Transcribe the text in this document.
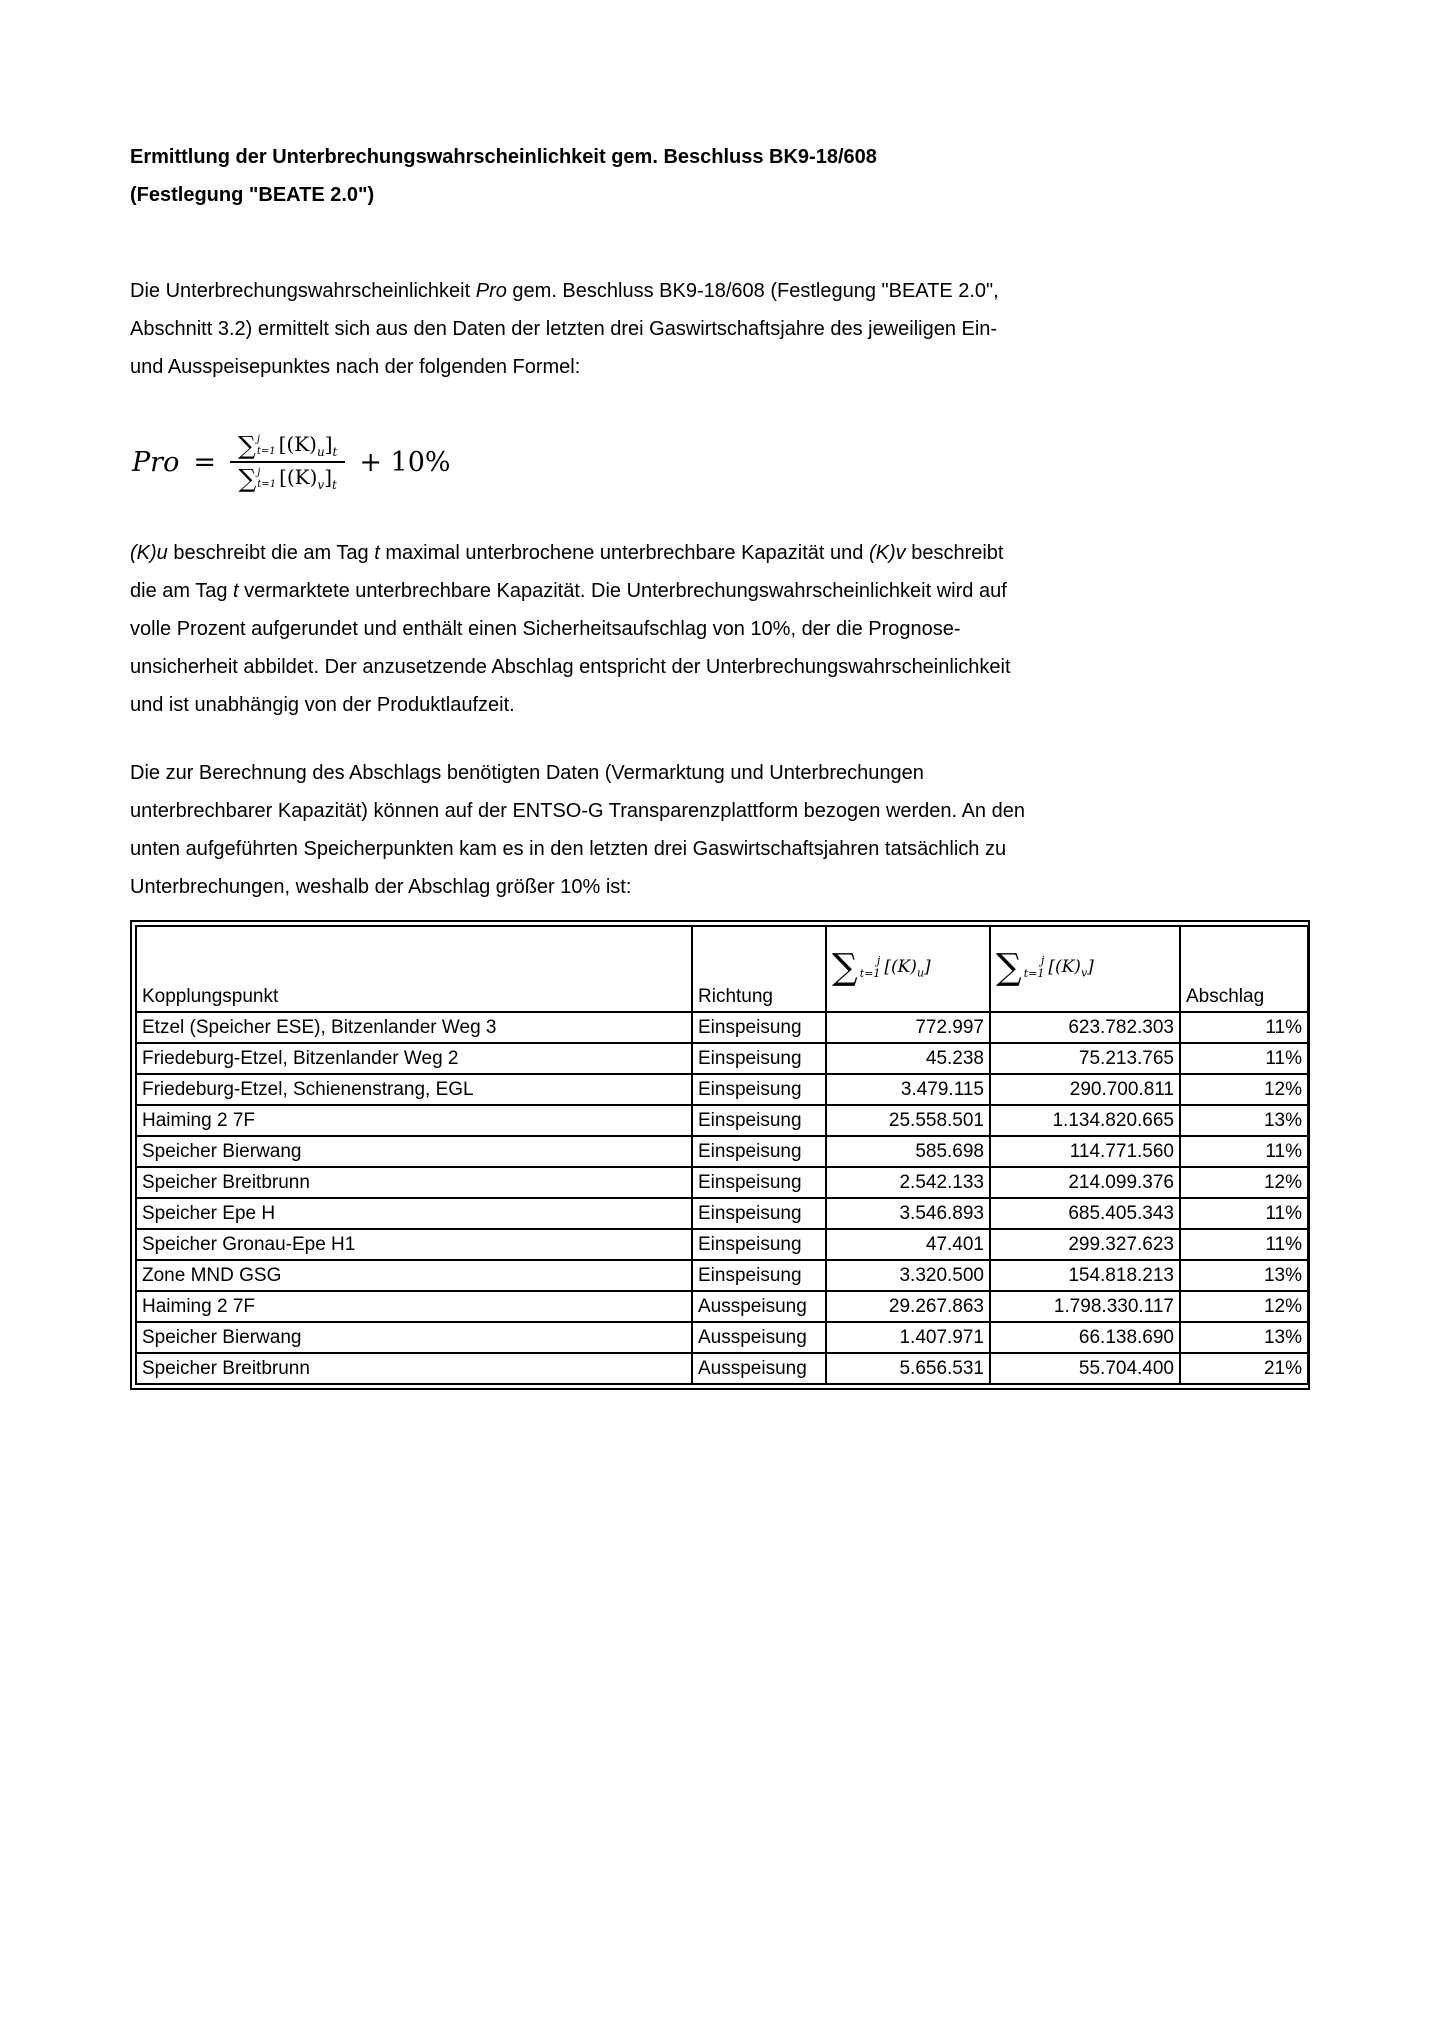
Ermittlung der Unterbrechungswahrscheinlichkeit gem. Beschluss BK9-18/608
(Festlegung "BEATE 2.0")

Die Unterbrechungswahrscheinlichkeit Pro gem. Beschluss BK9-18/608 (Festlegung "BEATE 2.0",
Abschnitt 3.2) ermittelt sich aus den Daten der letzten drei Gaswirtschaftsjahre des jeweiligen Ein-
und Ausspeisepunktes nach der folgenden Formel:

Pro = ∑ j
t=1 $[(K)_u]_t$
∑ j
t=1 $[(K)_v]_t + 10\%$

(K)u beschreibt die am Tag t maximal unterbrochene unterbrechbare Kapazität und (K)v beschreibt
die am Tag t vermarktete unterbrechbare Kapazität. Die Unterbrechungswahrscheinlichkeit wird auf
volle Prozent aufgerundet und enthält einen Sicherheitsaufschlag von 10%, der die Prognose-
unsicherheit abbildet. Der anzusetzende Abschlag entspricht der Unterbrechungswahrscheinlichkeit
und ist unabhängig von der Produktlaufzeit.

Die zur Berechnung des Abschlags benötigten Daten (Vermarktung und Unterbrechungen
unterbrechbarer Kapazität) können auf der ENTSO-G Transparenzplattform bezogen werden. An den
unten aufgeführten Speicherpunkten kam es in den letzten drei Gaswirtschaftsjahren tatsächlich zu
Unterbrechungen, weshalb der Abschlag größer 10% ist:

Kopplungspunkt	Richtung	∑ j
t=1 $[(K)_u]$	∑ j
t=1 $[(K)_v]$	Abschlag
Etzel (Speicher ESE), Bitzenlander Weg 3	Einspeisung	772.997	623.782.303	11%
Friedeburg-Etzel, Bitzenlander Weg 2	Einspeisung	45.238	75.213.765	11%
Friedeburg-Etzel, Schienenstrang, EGL	Einspeisung	3.479.115	290.700.811	12%
Haiming 2 7F	Einspeisung	25.558.501	1.134.820.665	13%
Speicher Bierwang	Einspeisung	585.698	114.771.560	11%
Speicher Breitbrunn	Einspeisung	2.542.133	214.099.376	12%
Speicher Epe H	Einspeisung	3.546.893	685.405.343	11%
Speicher Gronau-Epe H1	Einspeisung	47.401	299.327.623	11%
Zone MND GSG	Einspeisung	3.320.500	154.818.213	13%
Haiming 2 7F	Ausspeisung	29.267.863	1.798.330.117	12%
Speicher Bierwang	Ausspeisung	1.407.971	66.138.690	13%
Speicher Breitbrunn	Ausspeisung	5.656.531	55.704.400	21%
